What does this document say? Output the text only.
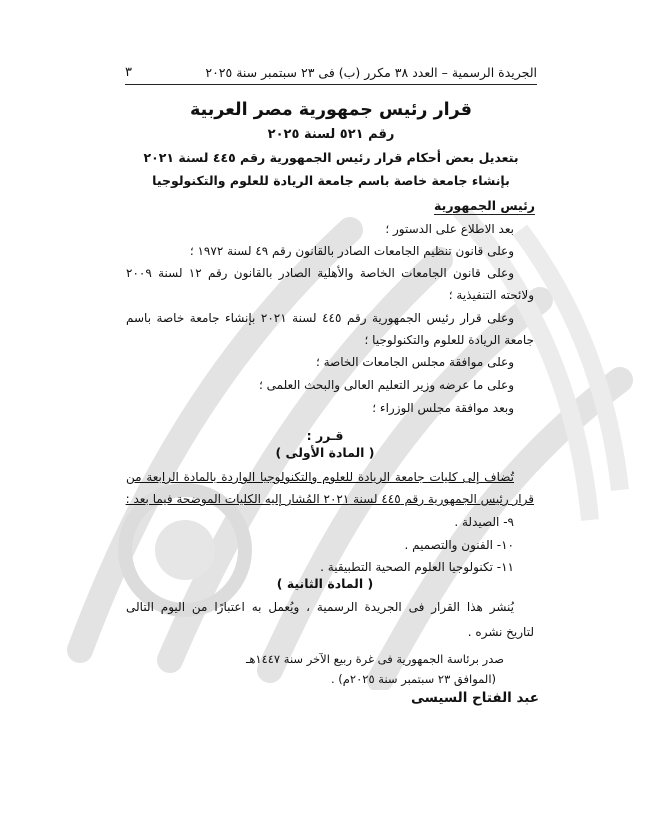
الجريدة الرسمية – العدد ٣٨ مكرر (ب) فى ٢٣ سبتمبر سنة ٢٠٢٥
٣
قرار رئيس جمهورية مصر العربية
رقم ٥٢١ لسنة ٢٠٢٥
بتعديل بعض أحكام قرار رئيس الجمهورية رقم ٤٤٥ لسنة ٢٠٢١
بإنشاء جامعة خاصة باسم جامعة الريادة للعلوم والتكنولوجيا
رئيس الجمهورية
بعد الاطلاع على الدستور ؛
وعلى قانون تنظيم الجامعات الصادر بالقانون رقم ٤٩ لسنة ١٩٧٢ ؛
وعلى قانون الجامعات الخاصة والأهلية الصادر بالقانون رقم ١٢ لسنة ٢٠٠٩
ولائحته التنفيذية ؛
وعلى قرار رئيس الجمهورية رقم ٤٤٥ لسنة ٢٠٢١ بإنشاء جامعة خاصة باسم
جامعة الريادة للعلوم والتكنولوجيا ؛
وعلى موافقة مجلس الجامعات الخاصة ؛
وعلى ما عرضه وزير التعليم العالى والبحث العلمى ؛
وبعد موافقة مجلس الوزراء ؛
قـرر :
( المادة الأولى )
تُضاف إلى كليات جامعة الريادة للعلوم والتكنولوجيا الواردة بالمادة الرابعة من
قرار رئيس الجمهورية رقم ٤٤٥ لسنة ٢٠٢١ المُشار إليه الكليات الموضحة فيما بعد :
٩- الصيدلة .
١٠- الفنون والتصميم .
١١- تكنولوجيا العلوم الصحية التطبيقية .
( المادة الثانية )
يُنشر هذا القرار فى الجريدة الرسمية ، ويُعمل به اعتبارًا من اليوم التالى
لتاريخ نشره .
صدر برئاسة الجمهورية فى غرة ربيع الآخر سنة ١٤٤٧هـ
(الموافق ٢٣ سبتمبر سنة ٢٠٢٥م) .
عبد الفتاح السيسى
